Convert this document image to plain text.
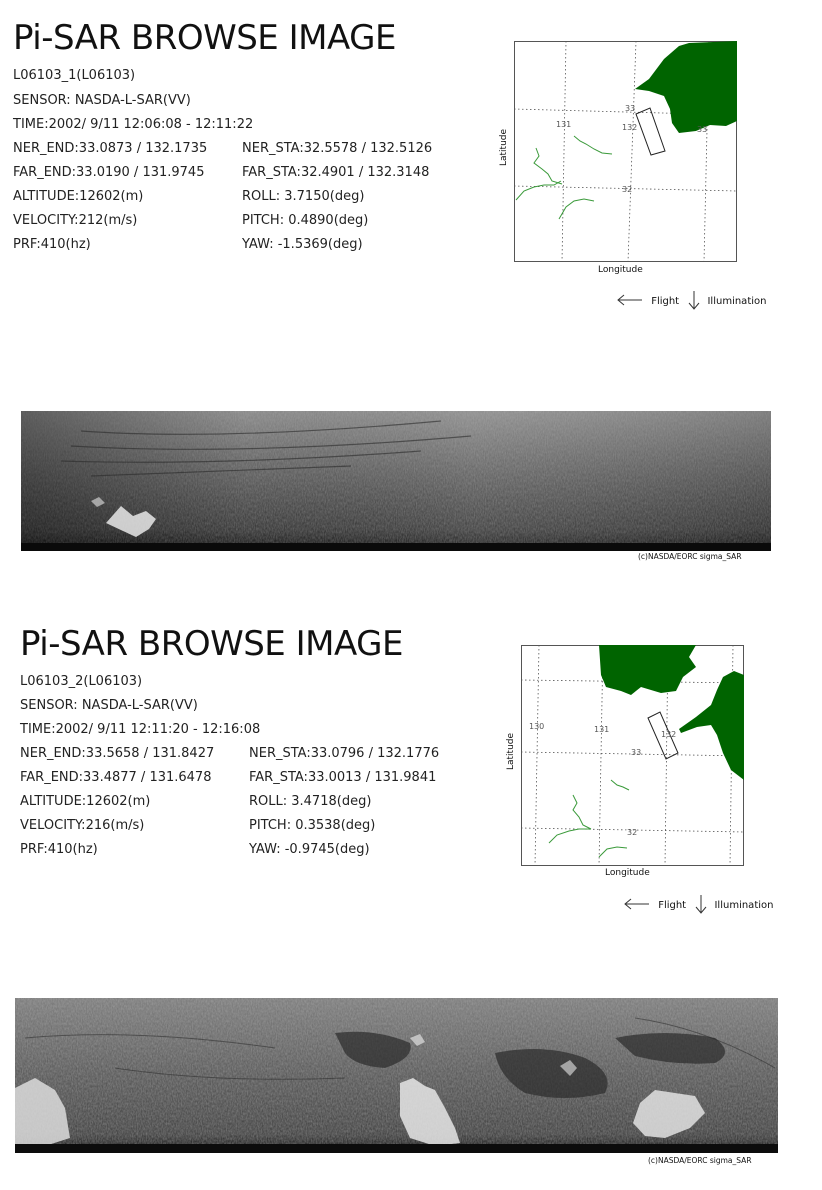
Pi-SAR BROWSE IMAGE
L06103_1(L06103)
SENSOR: NASDA-L-SAR(VV)
TIME:2002/ 9/11 12:06:08 - 12:11:22
NER_END:33.0873 / 132.1735	NER_STA:32.5578 / 132.5126
FAR_END:33.0190 / 131.9745	FAR_STA:32.4901 / 132.3148
ALTITUDE:12602(m)	ROLL: 3.7150(deg)
VELOCITY:212(m/s)	PITCH: 0.4890(deg)
PRF:410(hz)	YAW: -1.5369(deg)
131	132
33
33
32
Latitude
Longitude
Flight	Illumination
(c)NASDA/EORC sigma_SAR
Pi-SAR BROWSE IMAGE
L06103_2(L06103)
SENSOR: NASDA-L-SAR(VV)
TIME:2002/ 9/11 12:11:20 - 12:16:08
NER_END:33.5658 / 131.8427	NER_STA:33.0796 / 132.1776
FAR_END:33.4877 / 131.6478	FAR_STA:33.0013 / 131.9841
ALTITUDE:12602(m)	ROLL: 3.4718(deg)
VELOCITY:216(m/s)	PITCH: 0.3538(deg)
PRF:410(hz)	YAW: -0.9745(deg)
130	131
132
33
32
Latitude
Longitude
Flight	Illumination
(c)NASDA/EORC sigma_SAR
